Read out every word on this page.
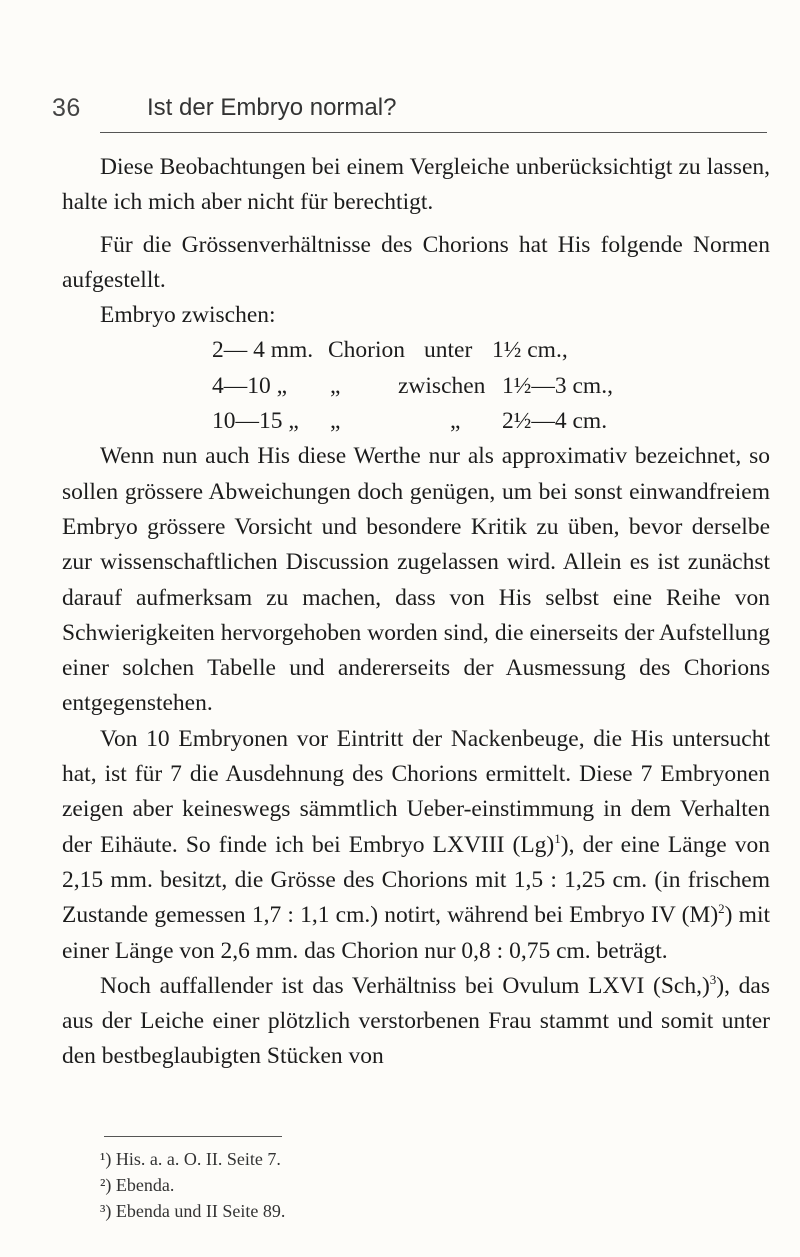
36	Ist der Embryo normal?

Diese Beobachtungen bei einem Vergleiche unberücksichtigt zu lassen, halte ich mich aber nicht für berechtigt.

Für die Grössenverhältnisse des Chorions hat His folgende Normen aufgestellt.

Embryo zwischen:

2— 4 mm. Chorion unter 1½ cm.,
4—10 „ „ zwischen 1½—3 cm.,
10—15 „ „	„ 2½—4 cm.

Wenn nun auch His diese Werthe nur als approximativ bezeichnet, so sollen grössere Abweichungen doch genügen, um bei sonst einwandfreiem Embryo grössere Vorsicht und besondere Kritik zu üben, bevor derselbe zur wissenschaftlichen Discussion zugelassen wird. Allein es ist zunächst darauf aufmerksam zu machen, dass von His selbst eine Reihe von Schwierigkeiten hervorgehoben worden sind, die einerseits der Aufstellung einer solchen Tabelle und andererseits der Ausmessung des Chorions entgegenstehen.

Von 10 Embryonen vor Eintritt der Nackenbeuge, die His untersucht hat, ist für 7 die Ausdehnung des Chorions ermittelt. Diese 7 Embryonen zeigen aber keineswegs sämmtlich Ueber-einstimmung in dem Verhalten der Eihäute. So finde ich bei Embryo LXVIII $(Lg)^1$), der eine Länge von 2,15 mm. besitzt, die Grösse des Chorions mit 1,5 : 1,25 cm. (in frischem Zustande gemessen 1,7 : 1,1 cm.) notirt, während bei Embryo IV $(M)^2$) mit einer Länge von 2,6 mm. das Chorion nur 0,8 : 0,75 cm. beträgt.

Noch auffallender ist das Verhältniss bei Ovulum LXVI $(Sch,)^3$), das aus der Leiche einer plötzlich verstorbenen Frau stammt und somit unter den bestbeglaubigten Stücken von

¹) His. a. a. O. II. Seite 7.
²) Ebenda.
³) Ebenda und II Seite 89.
